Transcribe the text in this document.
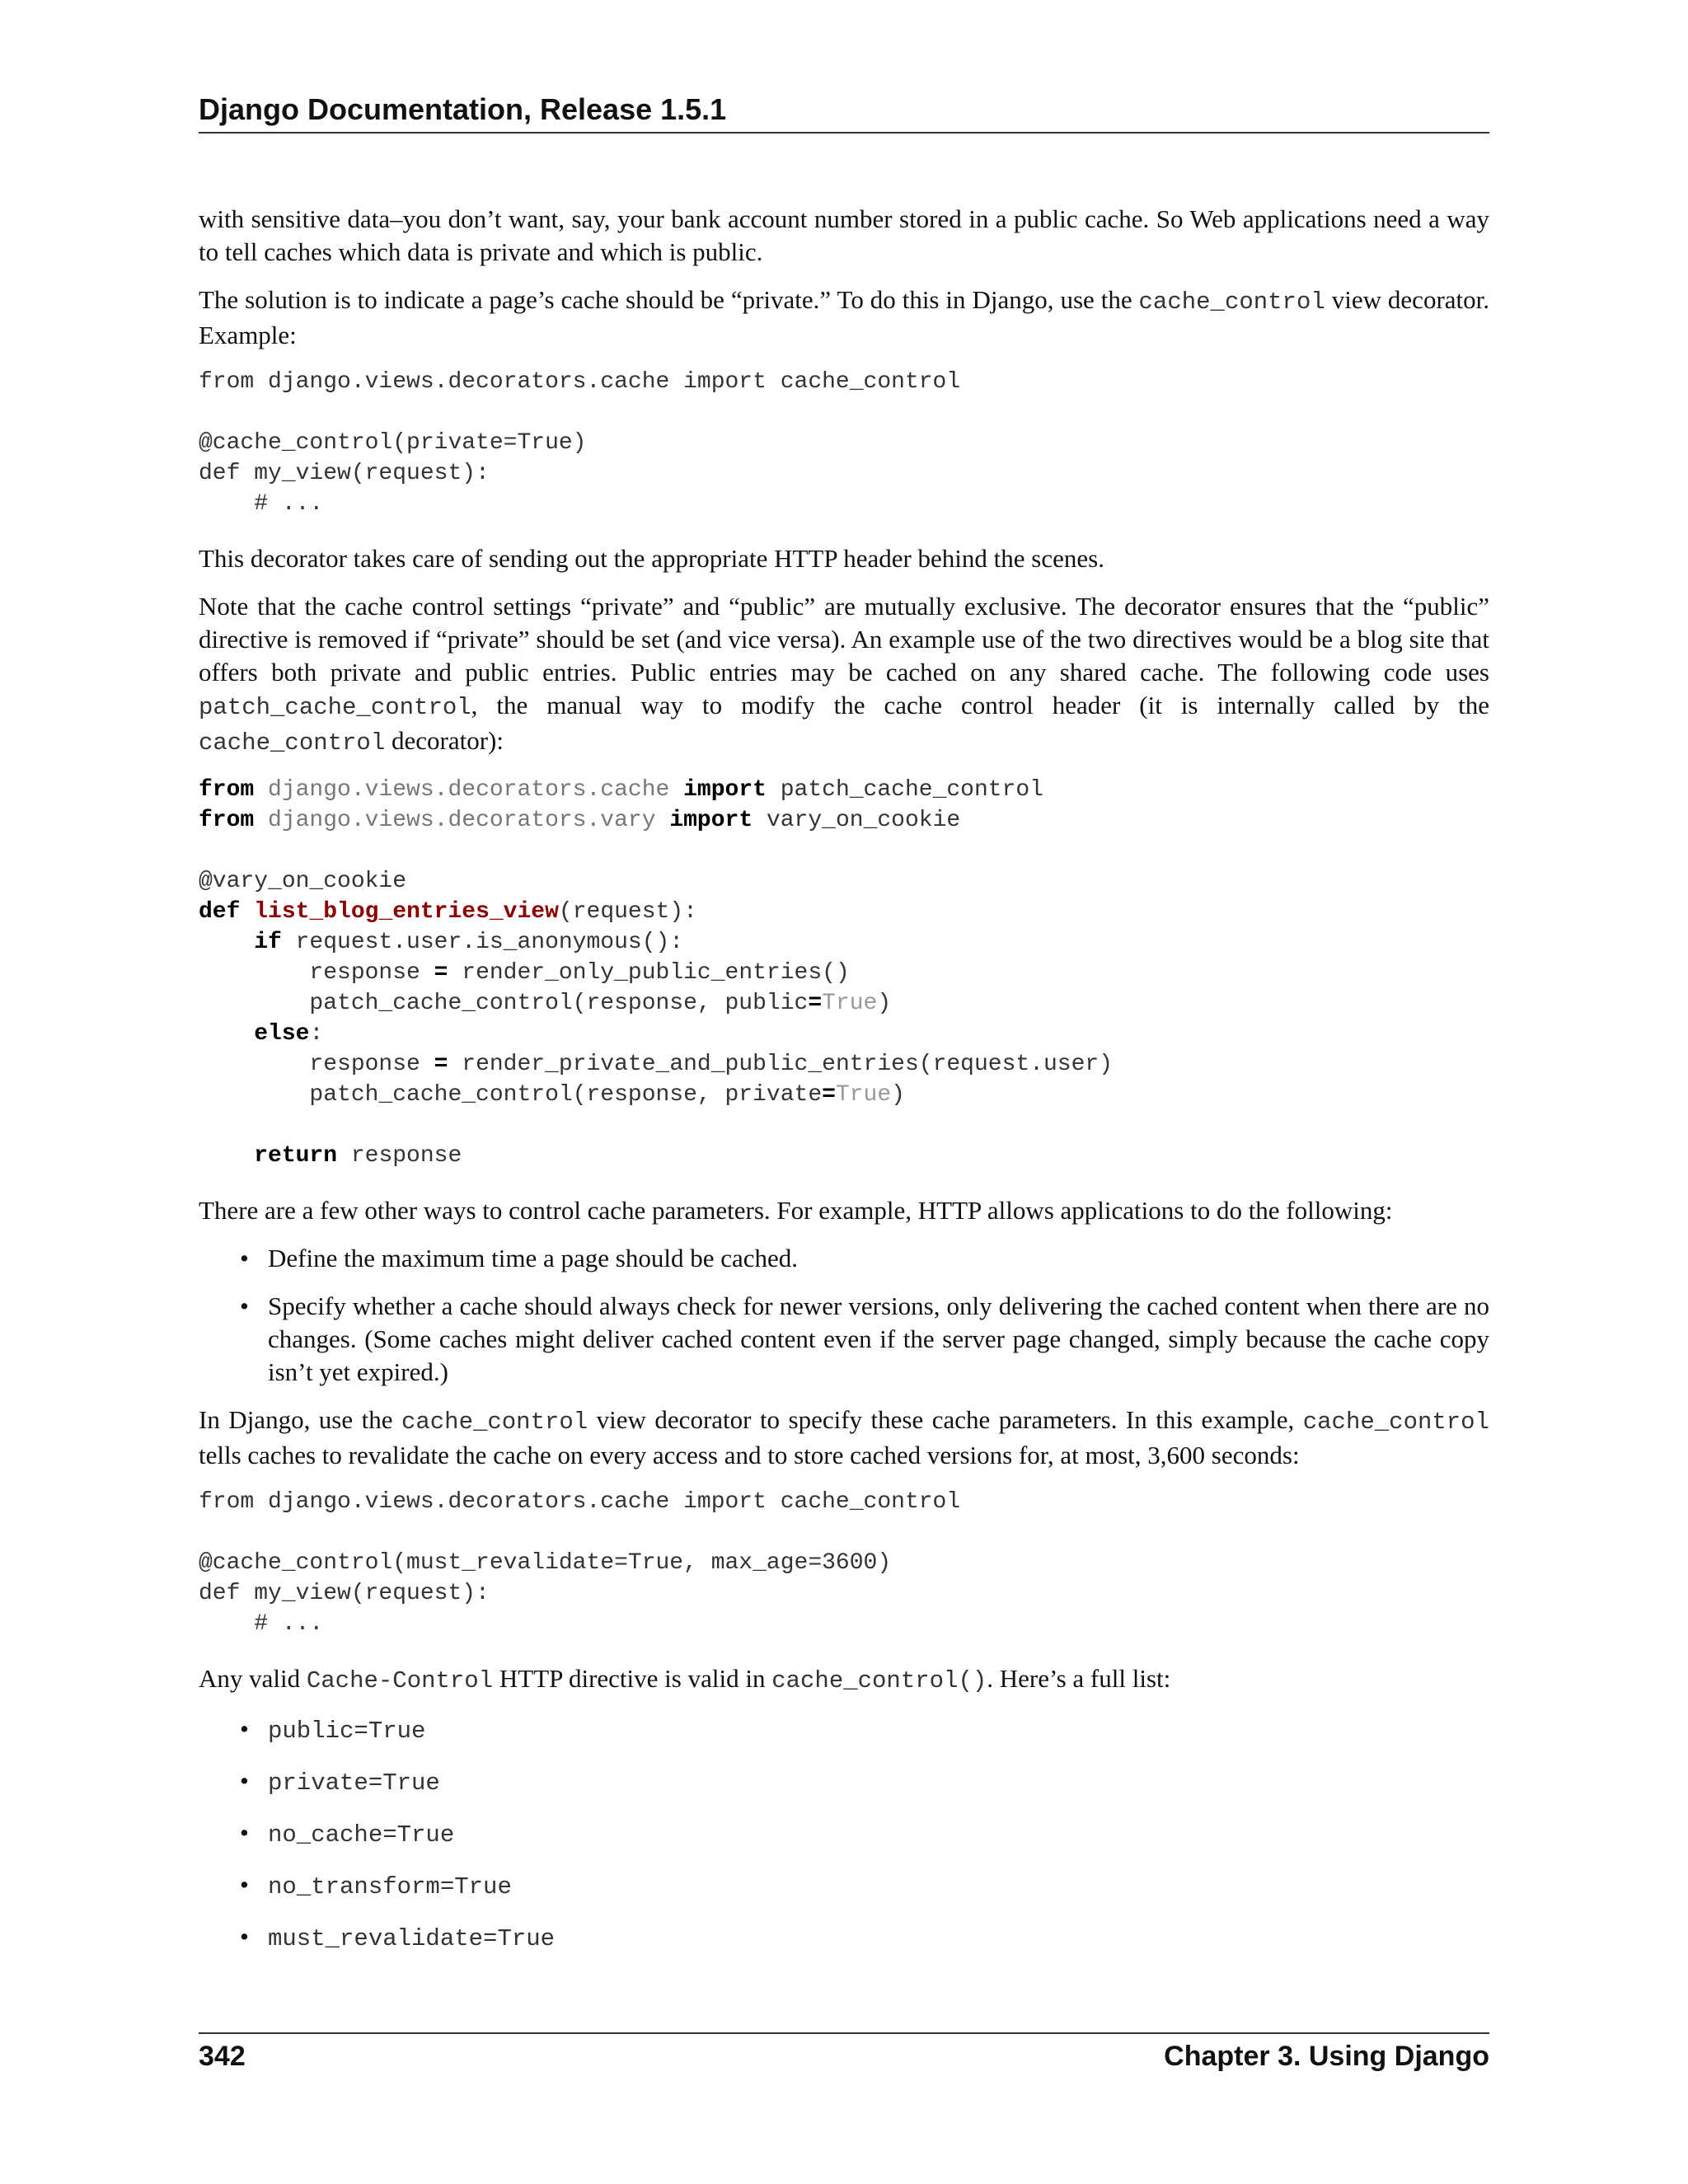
Django Documentation, Release 1.5.1

with sensitive data–you don’t want, say, your bank account number stored in a public cache. So Web applications need a way to tell caches which data is private and which is public.

The solution is to indicate a page’s cache should be “private.” To do this in Django, use the cache_control view decorator. Example:

from django.views.decorators.cache import cache_control

@cache_control(private=True)
def my_view(request):
# ...

This decorator takes care of sending out the appropriate HTTP header behind the scenes.

Note that the cache control settings “private” and “public” are mutually exclusive. The decorator ensures that the “public” directive is removed if “private” should be set (and vice versa). An example use of the two directives would be a blog site that offers both private and public entries. Public entries may be cached on any shared cache. The following code uses patch_cache_control, the manual way to modify the cache control header (it is internally called by the cache_control decorator):

from django.views.decorators.cache import patch_cache_control
from django.views.decorators.vary import vary_on_cookie

@vary_on_cookie
def list_blog_entries_view(request):
if request.user.is_anonymous():
response = render_only_public_entries()
patch_cache_control(response, public=True)
else:
response = render_private_and_public_entries(request.user)
patch_cache_control(response, private=True)

return response

There are a few other ways to control cache parameters. For example, HTTP allows applications to do the following:

• Define the maximum time a page should be cached.
• Specify whether a cache should always check for newer versions, only delivering the cached content when there are no changes. (Some caches might deliver cached content even if the server page changed, simply because the cache copy isn’t yet expired.)

In Django, use the cache_control view decorator to specify these cache parameters. In this example, cache_control tells caches to revalidate the cache on every access and to store cached versions for, at most, 3,600 seconds:

from django.views.decorators.cache import cache_control

@cache_control(must_revalidate=True, max_age=3600)
def my_view(request):
# ...

Any valid Cache-Control HTTP directive is valid in cache_control(). Here’s a full list:

• public=True
• private=True
• no_cache=True
• no_transform=True
• must_revalidate=True
342	Chapter 3. Using Django
